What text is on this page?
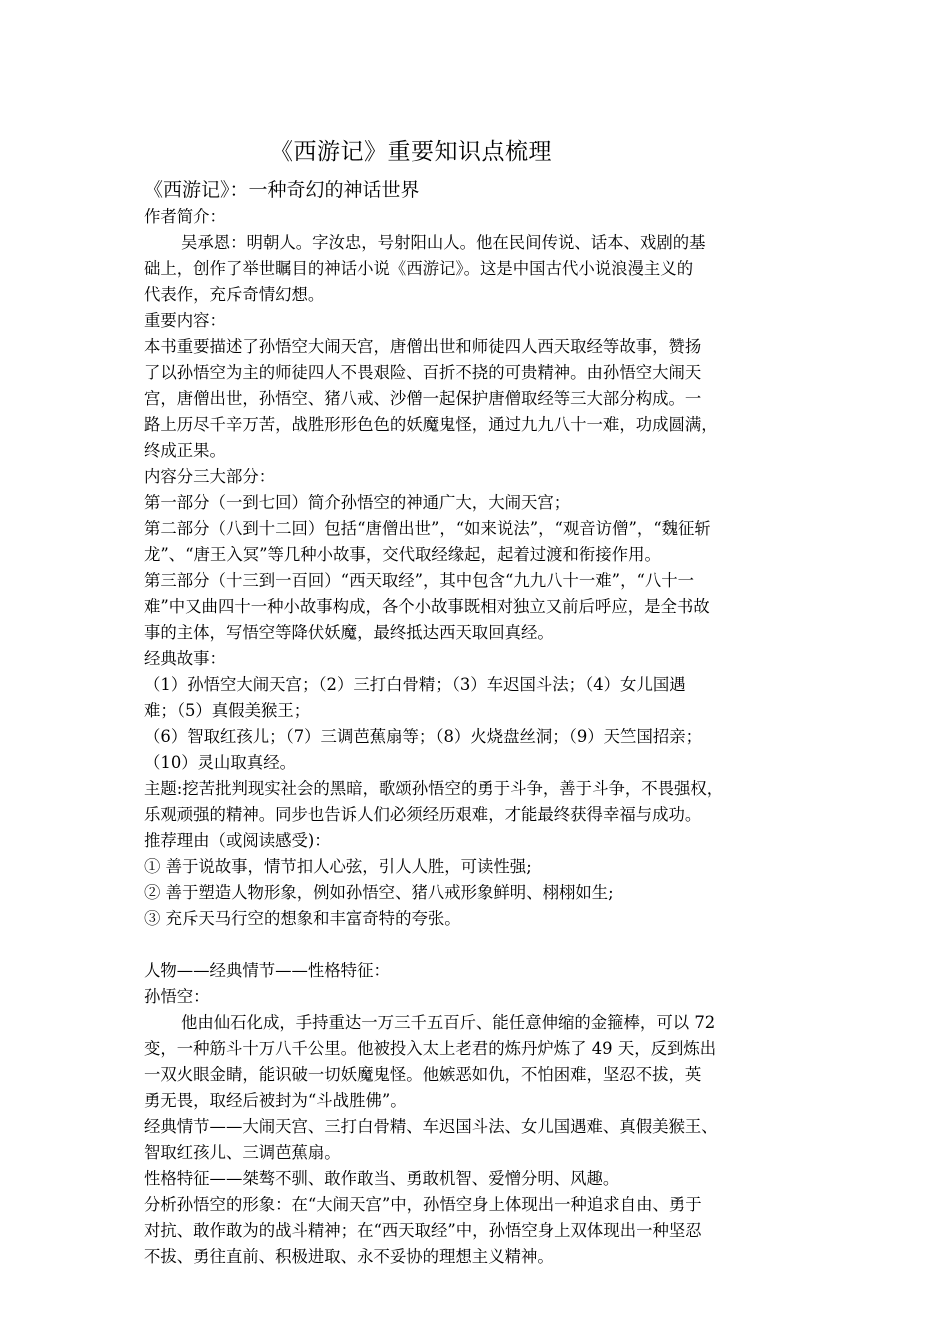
《西游记》重要知识点梳理

《西游记》：一种奇幻的神话世界

作者简介：

吴承恩：明朝人。字汝忠，号射阳山人。他在民间传说、话本、戏剧的基

础上，创作了举世瞩目的神话小说《西游记》。这是中国古代小说浪漫主义的

代表作，充斥奇情幻想。

重要内容：

本书重要描述了孙悟空大闹天宫，唐僧出世和师徒四人西天取经等故事，赞扬

了以孙悟空为主的师徒四人不畏艰险、百折不挠的可贵精神。由孙悟空大闹天

宫，唐僧出世，孙悟空、猪八戒、沙僧一起保护唐僧取经等三大部分构成。一

路上历尽千辛万苦，战胜形形色色的妖魔鬼怪，通过九九八十一难，功成圆满，

终成正果。

内容分三大部分：

第一部分（一到七回）简介孙悟空的神通广大，大闹天宫；

第二部分（八到十二回）包括“唐僧出世”，“如来说法”，“观音访僧”，“魏征斩

龙”、“唐王入冥”等几种小故事，交代取经缘起，起着过渡和衔接作用。

第三部分（十三到一百回）“西天取经”，其中包含“九九八十一难”，“八十一

难”中又曲四十一种小故事构成，各个小故事既相对独立又前后呼应，是全书故

事的主体，写悟空等降伏妖魔，最终抵达西天取回真经。

经典故事：

（1）孙悟空大闹天宫；（2）三打白骨精；（3）车迟国斗法；（4）女儿国遇

难；（5）真假美猴王；

（6）智取红孩儿；（7）三调芭蕉扇等；（8）火烧盘丝洞；（9）天竺国招亲；

（10）灵山取真经。

主题:挖苦批判现实社会的黑暗，歌颂孙悟空的勇于斗争，善于斗争，不畏强权，

乐观顽强的精神。同步也告诉人们必须经历艰难，才能最终获得幸福与成功。

推荐理由（或阅读感受)：

① 善于说故事，情节扣人心弦，引人人胜，可读性强;

② 善于塑造人物形象，例如孙悟空、猪八戒形象鲜明、栩栩如生;

③ 充斥天马行空的想象和丰富奇特的夸张。

人物——经典情节——性格特征：

孙悟空：

他由仙石化成，手持重达一万三千五百斤、能任意伸缩的金箍棒，可以 72

变，一种筋斗十万八千公里。他被投入太上老君的炼丹炉炼了 49 天，反到炼出

一双火眼金睛，能识破一切妖魔鬼怪。他嫉恶如仇，不怕困难，坚忍不拔，英

勇无畏，取经后被封为“斗战胜佛”。

经典情节——大闹天宫、三打白骨精、车迟国斗法、女儿国遇难、真假美猴王、

智取红孩儿、三调芭蕉扇。

性格特征——桀骜不驯、敢作敢当、勇敢机智、爱憎分明、风趣。

分析孙悟空的形象：在“大闹天宫”中，孙悟空身上体现出一种追求自由、勇于

对抗、敢作敢为的战斗精神；在“西天取经”中，孙悟空身上双体现出一种坚忍

不拔、勇往直前、积极进取、永不妥协的理想主义精神。
